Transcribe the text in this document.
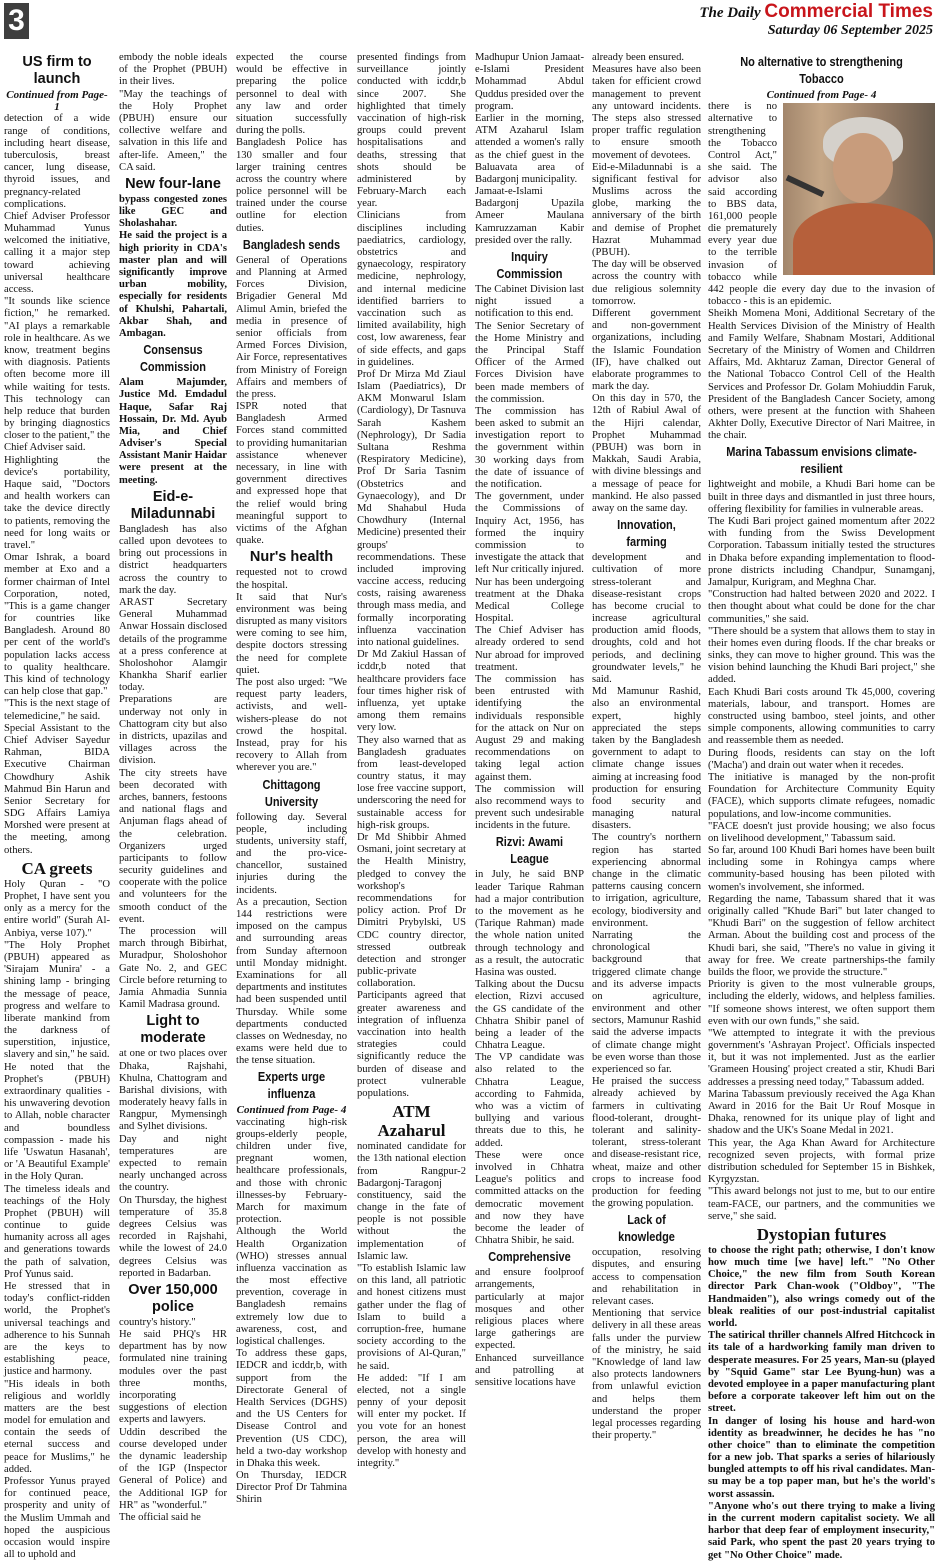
3	The Daily Commercial Times
Saturday 06 September 2025
US firm to launch

Continued from Page-1

detection of a wide range of conditions, including heart disease, tuberculosis, breast cancer, lung disease, thyroid issues, and pregnancy-related complications.

Chief Adviser Professor Muhammad Yunus welcomed the initiative, calling it a major step toward achieving universal healthcare access.

"It sounds like science fiction," he remarked. "AI plays a remarkable role in healthcare. As we know, treatment begins with diagnosis. Patients often become more ill while waiting for tests. This technology can help reduce that burden by bringing diagnostics closer to the patient," the Chief Adviser said.

Highlighting the device's portability, Haque said, "Doctors and health workers can take the device directly to patients, removing the need for long waits or travel."

Omar Ishrak, a board member at Exo and a former chairman of Intel Corporation, noted, "This is a game changer for countries like Bangladesh. Around 80 per cent of the world's population lacks access to quality healthcare. This kind of technology can help close that gap."

"This is the next stage of telemedicine," he said.

Special Assistant to the Chief Adviser Sayedur Rahman, BIDA Executive Chairman Chowdhury Ashik Mahmud Bin Harun and Senior Secretary for SDG Affairs Lamiya Morshed were present at the meeting, among others.

CA greets

Holy Quran - "O Prophet, I have sent you only as a mercy for the entire world" (Surah Al-Anbiya, verse 107)."

"The Holy Prophet (PBUH) appeared as 'Sirajam Munira' - a shining lamp - bringing the message of peace, progress and welfare to liberate mankind from the darkness of superstition, injustice, slavery and sin," he said.

He noted that the Prophet's (PBUH) extraordinary qualities - his unwavering devotion to Allah, noble character and boundless compassion - made his life 'Uswatun Hasanah', or 'A Beautiful Example' in the Holy Quran.

The timeless ideals and teachings of the Holy Prophet (PBUH) will continue to guide humanity across all ages and generations towards the path of salvation, Prof Yunus said.

He stressed that in today's conflict-ridden world, the Prophet's universal teachings and adherence to his Sunnah are the keys to establishing peace, justice and harmony.

"His ideals in both religious and worldly matters are the best model for emulation and contain the seeds of eternal success and peace for Muslims," he added.

Professor Yunus prayed for continued peace, prosperity and unity of the Muslim Ummah and hoped the auspicious occasion would inspire all to uphold and

embody the noble ideals of the Prophet (PBUH) in their lives.

"May the teachings of the Holy Prophet (PBUH) ensure our collective welfare and salvation in this life and after-life. Ameen," the CA said.

New four-lane

bypass congested zones like GEC and Sholashahar.

He said the project is a high priority in CDA's master plan and will significantly improve urban mobility, especially for residents of Khulshi, Pahartali, Akbar Shah, and Ambagan.

Consensus Commission

Alam Majumder, Justice Md. Emdadul Haque, Safar Raj Hossain, Dr. Md. Ayub Mia, and Chief Adviser's Special Assistant Manir Haidar were present at the meeting.

Eid-e-Miladunnabi

Bangladesh has also called upon devotees to bring out processions in district headquarters across the country to mark the day.

ARAST Secretary General Muhammad Anwar Hossain disclosed details of the programme at a press conference at Sholoshohor Alamgir Khankha Sharif earlier today.

Preparations are underway not only in Chattogram city but also in districts, upazilas and villages across the division.

The city streets have been decorated with arches, banners, festoons and national flags and Anjuman flags ahead of the celebration. Organizers urged participants to follow security guidelines and cooperate with the police and volunteers for the smooth conduct of the event.

The procession will march through Bibirhat, Muradpur, Sholoshohor Gate No. 2, and GEC Circle before returning to Jamia Ahmadia Sunnia Kamil Madrasa ground.

Light to moderate

at one or two places over Dhaka, Rajshahi, Khulna, Chattogram and Barishal divisions, with moderately heavy falls in Rangpur, Mymensingh and Sylhet divisions.

Day and night temperatures are expected to remain nearly unchanged across the country.

On Thursday, the highest temperature of 35.8 degrees Celsius was recorded in Rajshahi, while the lowest of 24.0 degrees Celsius was reported in Badarban.

Over 150,000 police

country's history."

He said PHQ's HR department has by now formulated nine training modules over the past three months, incorporating suggestions of election experts and lawyers.

Uddin described the course developed under the dynamic leadership of the IGP (Inspector General of Police) and the Additional IGP for HR" as "wonderful."

The official said he

expected the course would be effective in preparing the police personnel to deal with any law and order situation successfully during the polls.

Bangladesh Police has 130 smaller and four larger training centres across the country where police personnel will be trained under the course outline for election duties.

Bangladesh sends

General of Operations and Planning at Armed Forces Division, Brigadier General Md Alimul Amin, briefed the media in presence of senior officials from Armed Forces Division, Air Force, representatives from Ministry of Foreign Affairs and members of the press.

ISPR noted that Bangladesh Armed Forces stand committed to providing humanitarian assistance whenever necessary, in line with government directives and expressed hope that the relief would bring meaningful support to victims of the Afghan quake.

Nur's health

requested not to crowd the hospital.

It said that Nur's environment was being disrupted as many visitors were coming to see him, despite doctors stressing the need for complete quiet.

The post also urged: "We request party leaders, activists, and well-wishers-please do not crowd the hospital. Instead, pray for his recovery to Allah from wherever you are."

Chittagong University

following day. Several people, including students, university staff, and the pro-vice-chancellor, sustained injuries during the incidents.

As a precaution, Section 144 restrictions were imposed on the campus and surrounding areas from Sunday afternoon until Monday midnight. Examinations for all departments and institutes had been suspended until Thursday. While some departments conducted classes on Wednesday, no exams were held due to the tense situation.

Experts urge influenza

Continued from Page- 4

vaccinating high-risk groups-elderly people, children under five, pregnant women, healthcare professionals, and those with chronic illnesses-by February-March for maximum protection.

Although the World Health Organization (WHO) stresses annual influenza vaccination as the most effective prevention, coverage in Bangladesh remains extremely low due to awareness, cost, and logistical challenges.

To address these gaps, IEDCR and icddr,b, with support from the Directorate General of Health Services (DGHS) and the US Centers for Disease Control and Prevention (US CDC), held a two-day workshop in Dhaka this week.

On Thursday, IEDCR Director Prof Dr Tahmina Shirin

presented findings from surveillance jointly conducted with icddr,b since 2007. She highlighted that timely vaccination of high-risk groups could prevent hospitalisations and deaths, stressing that shots should be administered by February-March each year.

Clinicians from disciplines including paediatrics, cardiology, obstetrics and gynaecology, respiratory medicine, nephrology, and internal medicine identified barriers to vaccination such as limited availability, high cost, low awareness, fear of side effects, and gaps in guidelines.

Prof Dr Mirza Md Ziaul Islam (Paediatrics), Dr AKM Monwarul Islam (Cardiology), Dr Tasnuva Sarah Kashem (Nephrology), Dr Sadia Sultana Reshma (Respiratory Medicine), Prof Dr Saria Tasnim (Obstetrics and Gynaecology), and Dr Md Shahabul Huda Chowdhury (Internal Medicine) presented their groups' recommendations. These included improving vaccine access, reducing costs, raising awareness through mass media, and formally incorporating influenza vaccination into national guidelines.

Dr Md Zakiul Hassan of icddr,b noted that healthcare providers face four times higher risk of influenza, yet uptake among them remains very low.

They also warned that as Bangladesh graduates from least-developed country status, it may lose free vaccine support, underscoring the need for sustainable access for high-risk groups.

Dr Md Shibbir Ahmed Osmani, joint secretary at the Health Ministry, pledged to convey the workshop's recommendations for policy action. Prof Dr Dimitri Prybylski, US CDC country director, stressed outbreak detection and stronger public-private collaboration.

Participants agreed that greater awareness and integration of influenza vaccination into health strategies could significantly reduce the burden of disease and protect vulnerable populations.

ATM Azaharul

nominated candidate for the 13th national election from Rangpur-2 Badargonj-Taragonj constituency, said the change in the fate of people is not possible without the implementation of Islamic law.

"To establish Islamic law on this land, all patriotic and honest citizens must gather under the flag of Islam to build a corruption-free, humane society according to the provisions of Al-Quran," he said.

He added: "If I am elected, not a single penny of your deposit will enter my pocket. If you vote for an honest person, the area will develop with honesty and integrity."

Madhupur Union Jamaat-e-Islami President Mohammad Abdul Quddus presided over the program.

Earlier in the morning, ATM Azaharul Islam attended a women's rally as the chief guest in the Baluavata area of Badargonj municipality.

Jamaat-e-Islami Badargonj Upazila Ameer Maulana Kamruzzaman Kabir presided over the rally.

Inquiry Commission

The Cabinet Division last night issued a notification to this end.

The Senior Secretary of the Home Ministry and the Principal Staff Officer of the Armed Forces Division have been made members of the commission.

The commission has been asked to submit an investigation report to the government within 30 working days from the date of issuance of the notification.

The government, under the Commissions of Inquiry Act, 1956, has formed the inquiry commission to investigate the attack that left Nur critically injured.

Nur has been undergoing treatment at the Dhaka Medical College Hospital.

The Chief Adviser has already ordered to send Nur abroad for improved treatment.

The commission has been entrusted with identifying the individuals responsible for the attack on Nur on August 29 and making recommendations on taking legal action against them.

The commission will also recommend ways to prevent such undesirable incidents in the future.

Rizvi: Awami League

in July, he said BNP leader Tarique Rahman had a major contribution to the movement as he (Tarique Rahman) made the whole nation united through technology and as a result, the autocratic Hasina was ousted.

Talking about the Ducsu election, Rizvi accused the GS candidate of the Chhatra Shibir panel of being a leader of the Chhatra League.

The VP candidate was also related to the Chhatra League, according to Fahmida, who was a victim of bullying and various threats due to this, he added.

These were once involved in Chhatra League's politics and committed attacks on the democratic movement and now they have become the leader of Chhatra Shibir, he said.

Comprehensive

and ensure foolproof arrangements, particularly at major mosques and other religious places where large gatherings are expected.

Enhanced surveillance and patrolling at sensitive locations have

already been ensured.

Measures have also been taken for efficient crowd management to prevent any untoward incidents. The steps also stressed proper traffic regulation to ensure smooth movement of devotees.

Eid-e-Miladunnabi is a significant festival for Muslims across the globe, marking the anniversary of the birth and demise of Prophet Hazrat Muhammad (PBUH).

The day will be observed across the country with due religious solemnity tomorrow.

Different government and non-government organizations, including the Islamic Foundation (IF), have chalked out elaborate programmes to mark the day.

On this day in 570, the 12th of Rabiul Awal of the Hijri calendar, Prophet Muhammad (PBUH) was born in Makkah, Saudi Arabia, with divine blessings and a message of peace for mankind. He also passed away on the same day.

Innovation, farming

development and cultivation of more stress-tolerant and disease-resistant crops has become crucial to increase agricultural production amid floods, droughts, cold and hot periods, and declining groundwater levels," he said.

Md Mamunur Rashid, also an environmental expert, highly appreciated the steps taken by the Bangladesh government to adapt to climate change issues aiming at increasing food production for ensuring food security and managing natural disasters.

The country's northern region has started experiencing abnormal change in the climatic patterns causing concern to irrigation, agriculture, ecology, biodiversity and environment.

Narrating the chronological background that triggered climate change and its adverse impacts on agriculture, environment and other sectors, Mamunur Rashid said the adverse impacts of climate change might be even worse than those experienced so far.

He praised the success already achieved by farmers in cultivating flood-tolerant, drought-tolerant and salinity-tolerant, stress-tolerant and disease-resistant rice, wheat, maize and other crops to increase food production for feeding the growing population.

Lack of knowledge

occupation, resolving disputes, and ensuring access to compensation and rehabilitation in relevant cases.

Mentioning that service delivery in all these areas falls under the purview of the ministry, he said "Knowledge of land law also protects landowners from unlawful eviction and helps them understand the proper legal processes regarding their property."

No alternative to strengthening Tobacco

Continued from Page- 4

there is no alternative to strengthening the Tobacco Control Act," she said. The advisor also said according to BBS data, 161,000 people die prematurely every year due to the terrible invasion of tobacco while 442 people die every day due to the invasion of tobacco - this is an epidemic.

Sheikh Momena Moni, Additional Secretary of the Health Services Division of the Ministry of Health and Family Welfare, Shabnam Mostari, Additional Secretary of the Ministry of Women and Childrren Affairs, Md. Akhtaruz Zaman, Director General of the National Tobacco Control Cell of the Health Services and Professor Dr. Golam Mohiuddin Faruk, President of the Bangladesh Cancer Society, among others, were present at the function with Shaheen Akhter Dolly, Executive Director of Nari Maitree, in the chair.

Marina Tabassum envisions climate-resilient

lightweight and mobile, a Khudi Bari home can be built in three days and dismantled in just three hours, offering flexibility for families in vulnerable areas.

The Kudi Bari project gained momentum after 2022 with funding from the Swiss Development Corporation. Tabassum initially tested the structures in Dhaka before expanding implementation to flood-prone districts including Chandpur, Sunamganj, Jamalpur, Kurigram, and Meghna Char.

"Construction had halted between 2020 and 2022. I then thought about what could be done for the char communities," she said.

"There should be a system that allows them to stay in their homes even during floods. If the char breaks or sinks, they can move to higher ground. This was the vision behind launching the Khudi Bari project," she added.

Each Khudi Bari costs around Tk 45,000, covering materials, labour, and transport. Homes are constructed using bamboo, steel joints, and other simple components, allowing communities to carry and reassemble them as needed.

During floods, residents can stay on the loft ('Macha') and drain out water when it recedes.

The initiative is managed by the non-profit Foundation for Architecture Community Equity (FACE), which supports climate refugees, nomadic populations, and low-income communities.

"FACE doesn't just provide housing; we also focus on livelihood development," Tabassum said.

So far, around 100 Khudi Bari homes have been built including some in Rohingya camps where community-based housing has been piloted with women's involvement, she informed.

Regarding the name, Tabassum shared that it was originally called "Khude Bari" but later changed to "Khudi Bari" on the suggestion of fellow architect Arman. About the building cost and process of the Khudi bari, she said, "There's no value in giving it away for free. We create partnerships-the family builds the floor, we provide the structure."

Priority is given to the most vulnerable groups, including the elderly, widows, and helpless families. "If someone shows interest, we often support them even with our own funds," she said.

"We attempted to integrate it with the previous government's 'Ashrayan Project'. Officials inspected it, but it was not implemented. Just as the earlier 'Grameen Housing' project created a stir, Khudi Bari addresses a pressing need today," Tabassum added.

Marina Tabassum previously received the Aga Khan Award in 2016 for the Bait Ur Rouf Mosque in Dhaka, renowned for its unique play of light and shadow and the UK's Soane Medal in 2021.

This year, the Aga Khan Award for Architecture recognized seven projects, with formal prize distribution scheduled for September 15 in Bishkek, Kyrgyzstan.

"This award belongs not just to me, but to our entire team-FACE, our partners, and the communities we serve," she said.

Dystopian futures

to choose the right path; otherwise, I don't know how much time [we have] left." "No Other Choice," the new film from South Korean director Park Chan-wook ("Oldboy", "The Handmaiden"), also wrings comedy out of the bleak realities of our post-industrial capitalist world.

The satirical thriller channels Alfred Hitchcock in its tale of a hardworking family man driven to desperate measures. For 25 years, Man-su (played by "Squid Game" star Lee Byung-hun) was a devoted employee in a paper manufacturing plant before a corporate takeover left him out on the street.

In danger of losing his house and hard-won identity as breadwinner, he decides he has "no other choice" than to eliminate the competition for a new job. That sparks a series of hilariously bungled attempts to off his rival candidates. Man-su may be a top paper man, but he's the world's worst assassin.

"Anyone who's out there trying to make a living in the current modern capitalist society. We all harbor that deep fear of employment insecurity," said Park, who spent the past 20 years trying to get "No Other Choice" made.
